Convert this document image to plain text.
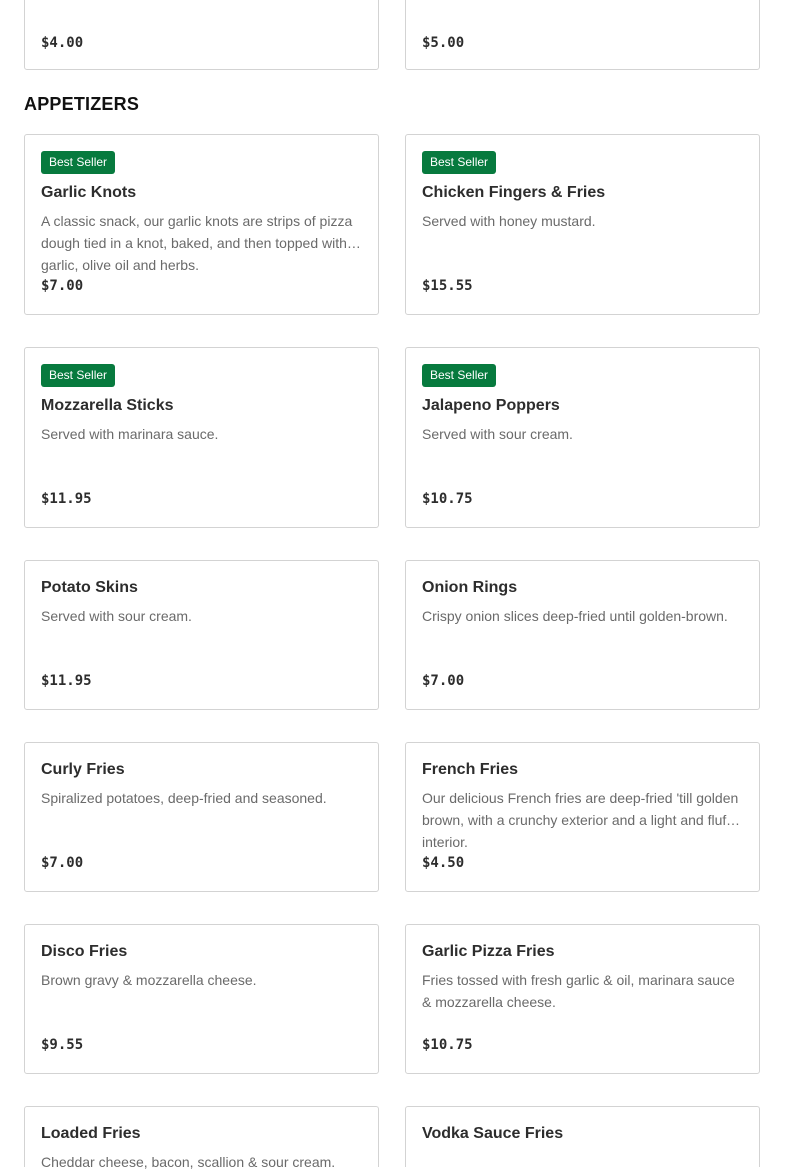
$4.00	$5.00
APPETIZERS
Best Seller
Garlic Knots
A classic snack, our garlic knots are strips of pizza dough tied in a knot, baked, and then topped with garlic, olive oil and herbs.
$7.00
Best Seller
Chicken Fingers & Fries
Served with honey mustard.
$15.55
Best Seller
Mozzarella Sticks
Served with marinara sauce.
$11.95
Best Seller
Jalapeno Poppers
Served with sour cream.
$10.75
Potato Skins
Served with sour cream.
$11.95
Onion Rings
Crispy onion slices deep-fried until golden-brown.
$7.00
Curly Fries
Spiralized potatoes, deep-fried and seasoned.
$7.00
French Fries
Our delicious French fries are deep-fried 'till golden brown, with a crunchy exterior and a light and fluffy interior.
$4.50
Disco Fries
Brown gravy & mozzarella cheese.
$9.55
Garlic Pizza Fries
Fries tossed with fresh garlic & oil, marinara sauce & mozzarella cheese.
$10.75
Loaded Fries
Cheddar cheese, bacon, scallion & sour cream.
Vodka Sauce Fries
